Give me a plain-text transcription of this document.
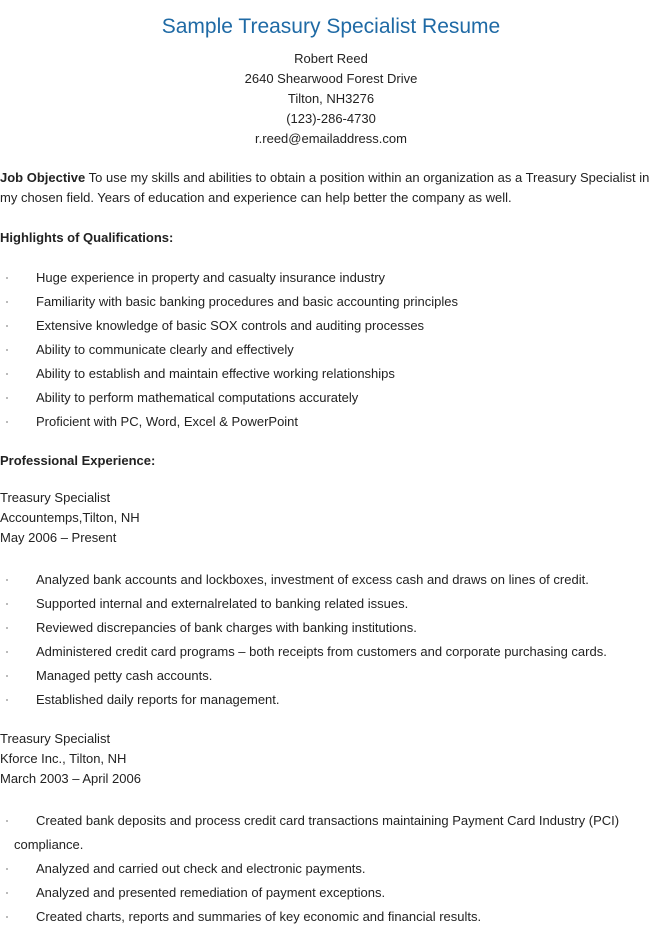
Sample Treasury Specialist Resume
Robert Reed
2640 Shearwood Forest Drive
Tilton, NH3276
(123)-286-4730
r.reed@emailaddress.com
Job Objective To use my skills and abilities to obtain a position within an organization as a Treasury Specialist in my chosen field. Years of education and experience can help better the company as well.
Highlights of Qualifications:
Huge experience in property and casualty insurance industry
Familiarity with basic banking procedures and basic accounting principles
Extensive knowledge of basic SOX controls and auditing processes
Ability to communicate clearly and effectively
Ability to establish and maintain effective working relationships
Ability to perform mathematical computations accurately
Proficient with PC, Word, Excel & PowerPoint
Professional Experience:
Treasury Specialist
Accountemps,Tilton, NH
May 2006 – Present
Analyzed bank accounts and lockboxes, investment of excess cash and draws on lines of credit.
Supported internal and externalrelated to banking related issues.
Reviewed discrepancies of bank charges with banking institutions.
Administered credit card programs – both receipts from customers and corporate purchasing cards.
Managed petty cash accounts.
Established daily reports for management.
Treasury Specialist
Kforce Inc., Tilton, NH
March 2003 – April 2006
Created bank deposits and process credit card transactions maintaining Payment Card Industry (PCI)
compliance.
Analyzed and carried out check and electronic payments.
Analyzed and presented remediation of payment exceptions.
Created charts, reports and summaries of key economic and financial results.
